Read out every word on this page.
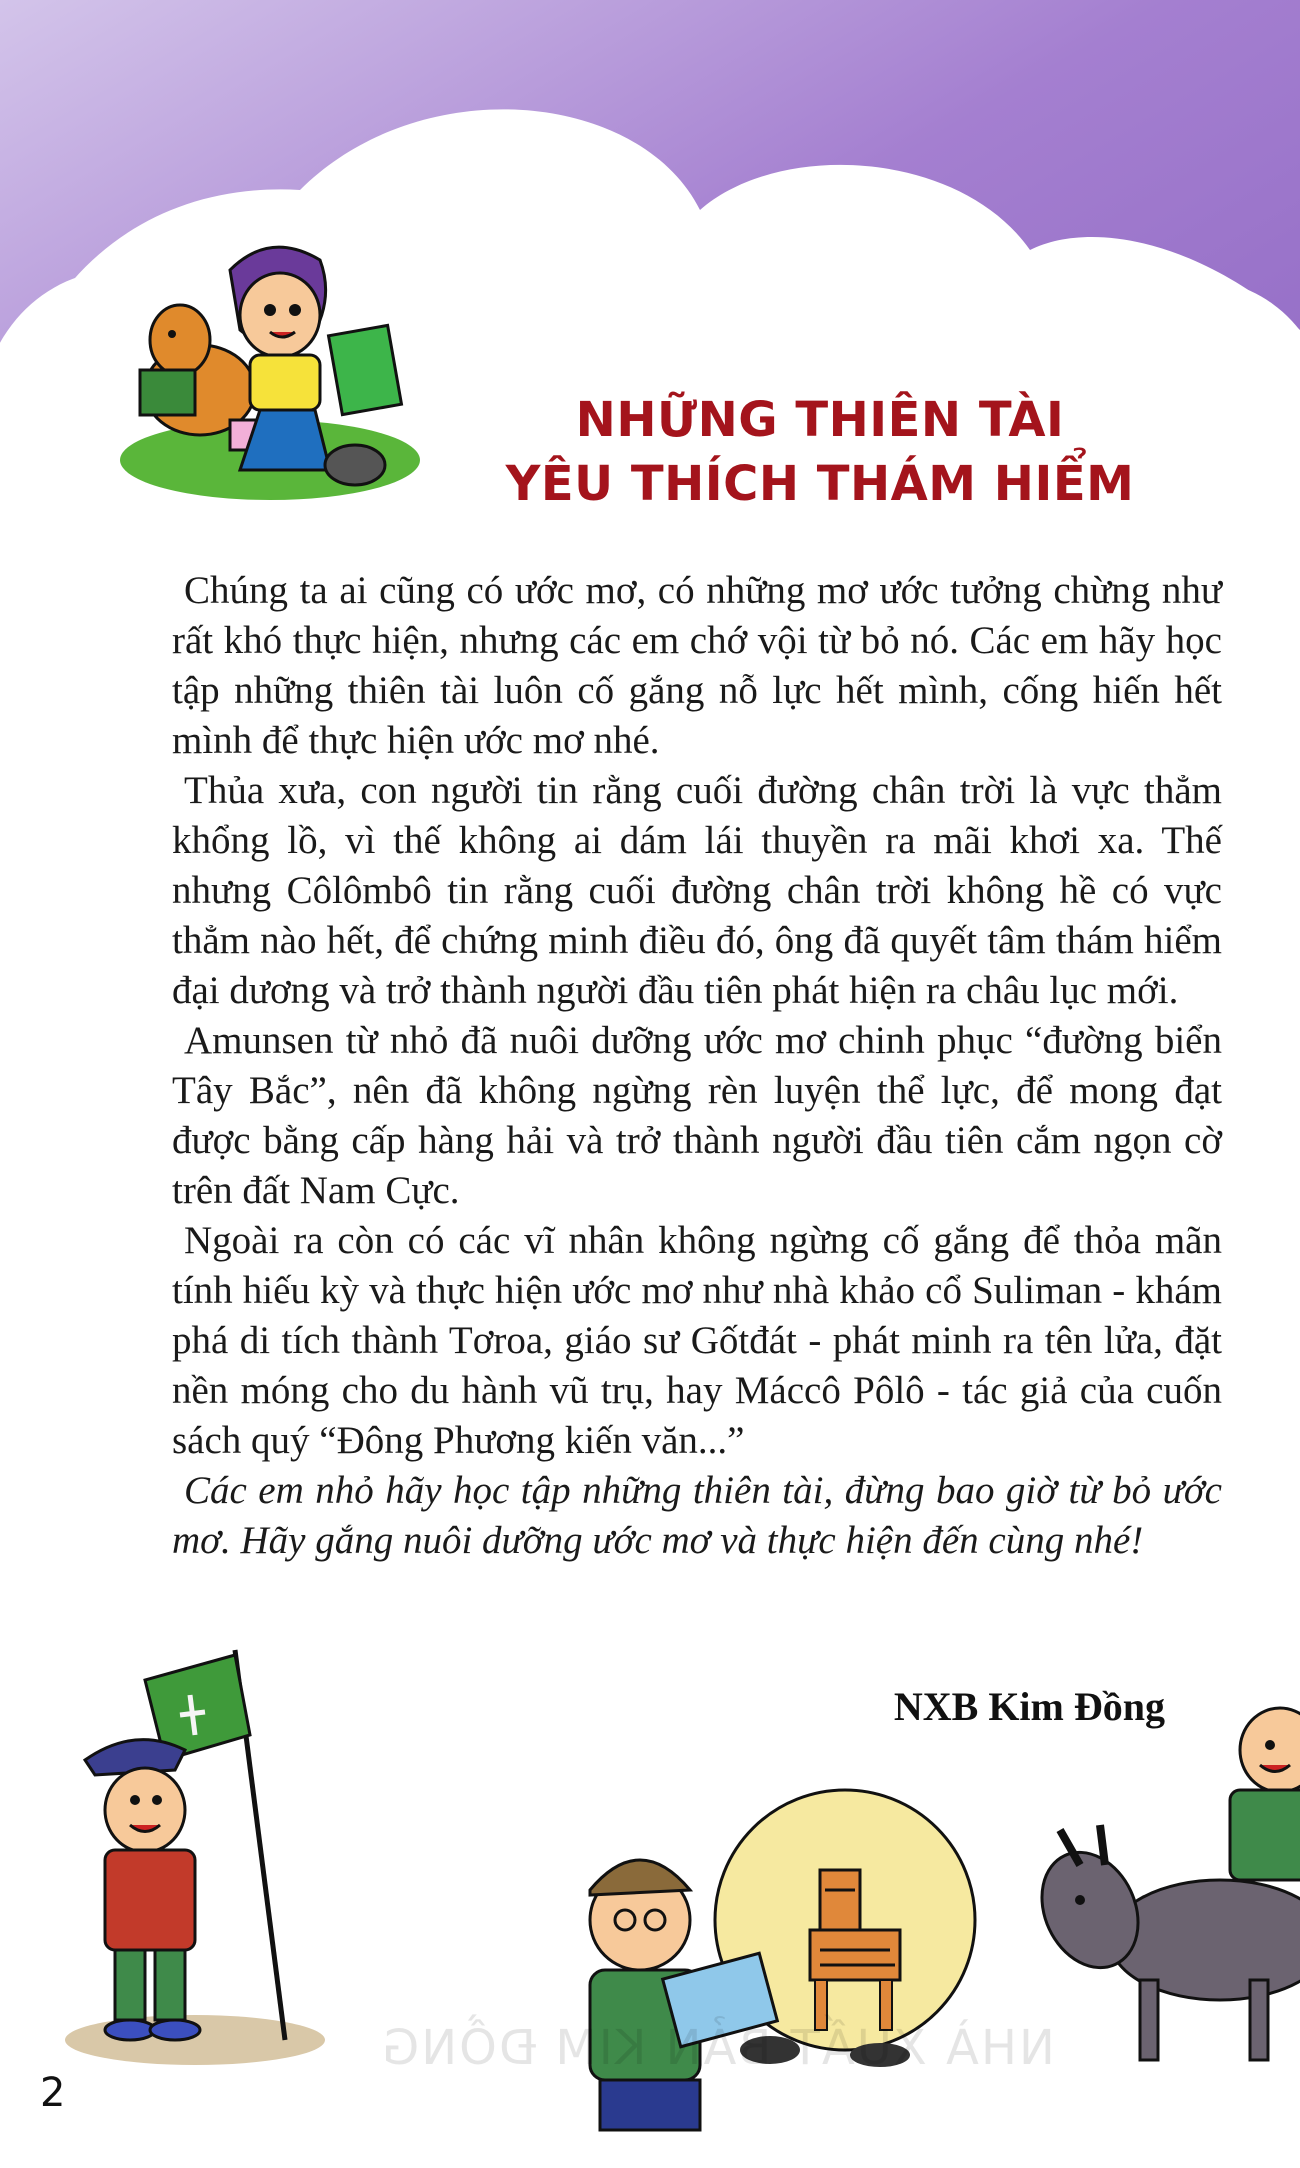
NHỮNG THIÊN TÀI
YÊU THÍCH THÁM HIỂM

Chúng ta ai cũng có ước mơ, có những mơ ước tưởng chừng như rất khó thực hiện, nhưng các em chớ vội từ bỏ nó. Các em hãy học tập những thiên tài luôn cố gắng nỗ lực hết mình, cống hiến hết mình để thực hiện ước mơ nhé.

Thủa xưa, con người tin rằng cuối đường chân trời là vực thẳm khổng lồ, vì thế không ai dám lái thuyền ra mãi khơi xa. Thế nhưng Côlômbô tin rằng cuối đường chân trời không hề có vực thẳm nào hết, để chứng minh điều đó, ông đã quyết tâm thám hiểm đại dương và trở thành người đầu tiên phát hiện ra châu lục mới.

Amunsen từ nhỏ đã nuôi dưỡng ước mơ chinh phục “đường biển Tây Bắc”, nên đã không ngừng rèn luyện thể lực, để mong đạt được bằng cấp hàng hải và trở thành người đầu tiên cắm ngọn cờ trên đất Nam Cực.

Ngoài ra còn có các vĩ nhân không ngừng cố gắng để thỏa mãn tính hiếu kỳ và thực hiện ước mơ như nhà khảo cổ Suliman - khám phá di tích thành Tơroa, giáo sư Gốtđát - phát minh ra tên lửa, đặt nền móng cho du hành vũ trụ, hay Máccô Pôlô - tác giả của cuốn sách quý “Đông Phương kiến văn...”

Các em nhỏ hãy học tập những thiên tài, đừng bao giờ từ bỏ ước mơ. Hãy gắng nuôi dưỡng ước mơ và thực hiện đến cùng nhé!

NXB Kim Đồng
NHÀ XUẤT BẢN KIM ĐỒNG
2
